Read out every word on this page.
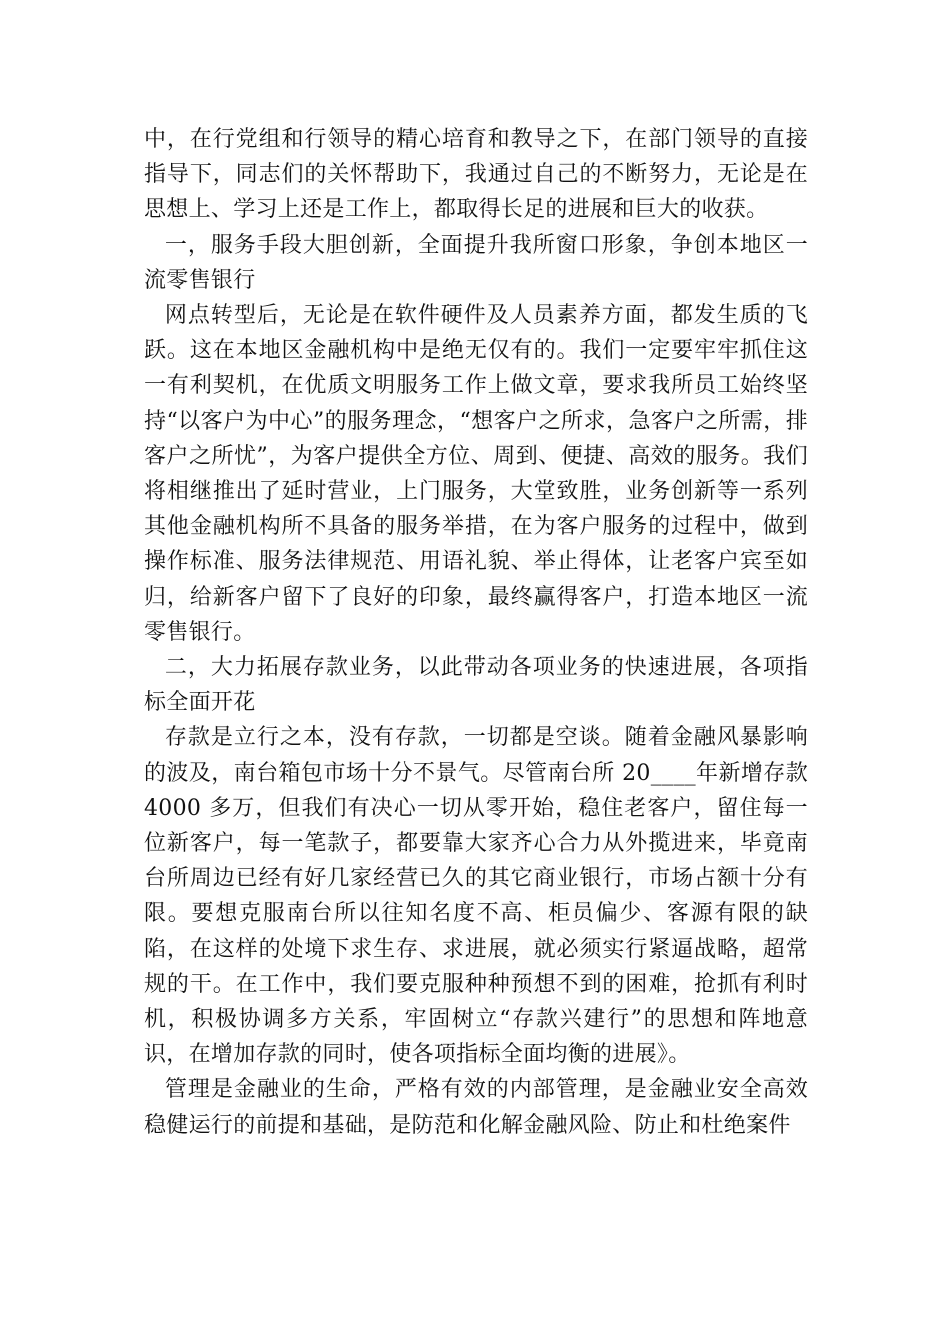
中，在行党组和行领导的精心培育和教导之下，在部门领导的直接指导下，同志们的关怀帮助下，我通过自己的不断努力，无论是在思想上、学习上还是工作上，都取得长足的进展和巨大的收获。

一，服务手段大胆创新，全面提升我所窗口形象，争创本地区一流零售银行

网点转型后，无论是在软件硬件及人员素养方面，都发生质的飞跃。这在本地区金融机构中是绝无仅有的。我们一定要牢牢抓住这一有利契机，在优质文明服务工作上做文章，要求我所员工始终坚持“以客户为中心”的服务理念，“想客户之所求，急客户之所需，排客户之所忧”，为客户提供全方位、周到、便捷、高效的服务。我们将相继推出了延时营业，上门服务，大堂致胜，业务创新等一系列其他金融机构所不具备的服务举措，在为客户服务的过程中，做到操作标准、服务法律规范、用语礼貌、举止得体，让老客户宾至如归，给新客户留下了良好的印象，最终赢得客户，打造本地区一流零售银行。

二，大力拓展存款业务，以此带动各项业务的快速进展，各项指标全面开花

存款是立行之本，没有存款，一切都是空谈。随着金融风暴影响的波及，南台箱包市场十分不景气。尽管南台所 20____年新增存款4000 多万，但我们有决心一切从零开始，稳住老客户，留住每一位新客户，每一笔款子，都要靠大家齐心合力从外揽进来，毕竟南台所周边已经有好几家经营已久的其它商业银行，市场占额十分有限。要想克服南台所以往知名度不高、柜员偏少、客源有限的缺陷，在这样的处境下求生存、求进展，就必须实行紧逼战略，超常规的干。在工作中，我们要克服种种预想不到的困难，抢抓有利时机，积极协调多方关系，牢固树立“存款兴建行”的思想和阵地意识，在增加存款的同时，使各项指标全面均衡的进展》。

管理是金融业的生命，严格有效的内部管理，是金融业安全高效稳健运行的前提和基础，是防范和化解金融风险、防止和杜绝案件
